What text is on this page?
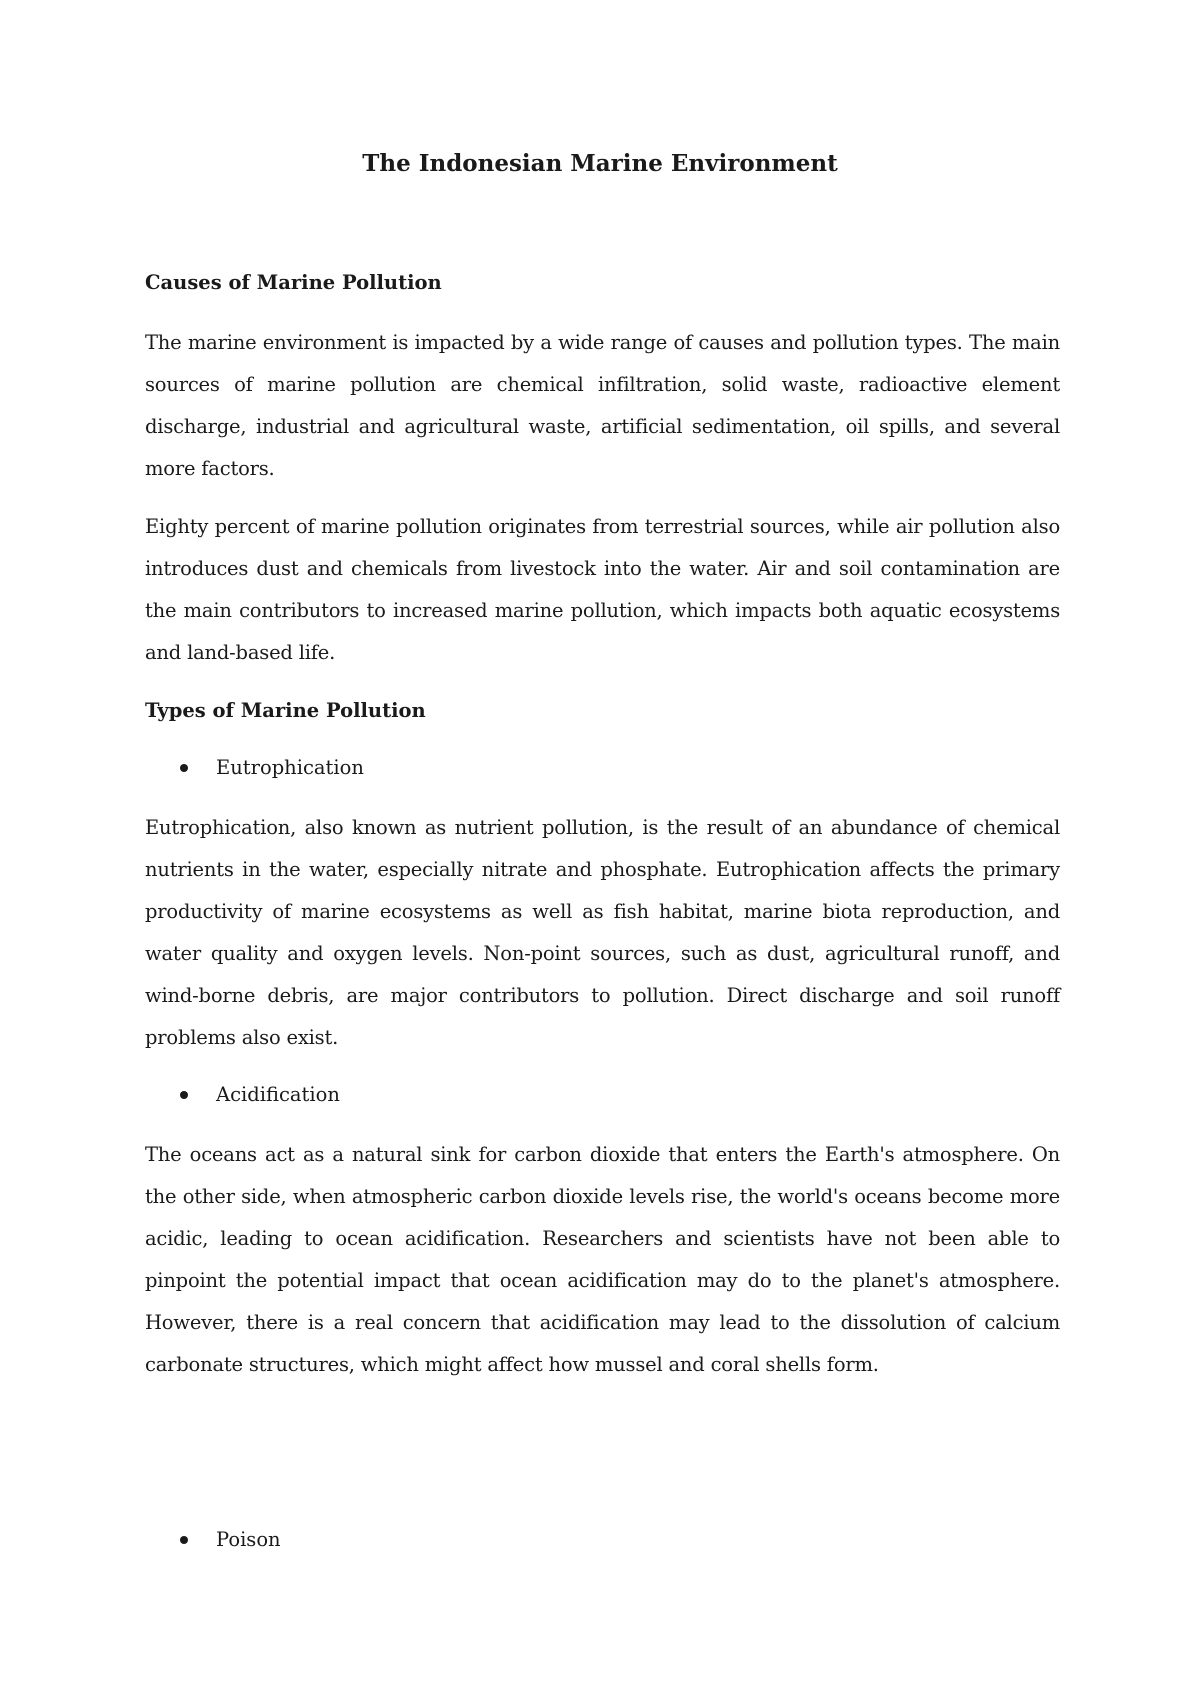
The Indonesian Marine Environment
Causes of Marine Pollution

The marine environment is impacted by a wide range of causes and pollution types. The main sources of marine pollution are chemical infiltration, solid waste, radioactive element discharge, industrial and agricultural waste, artificial sedimentation, oil spills, and several more factors.

Eighty percent of marine pollution originates from terrestrial sources, while air pollution also introduces dust and chemicals from livestock into the water. Air and soil contamination are the main contributors to increased marine pollution, which impacts both aquatic ecosystems and land-based life.

Types of Marine Pollution
Eutrophication

Eutrophication, also known as nutrient pollution, is the result of an abundance of chemical nutrients in the water, especially nitrate and phosphate. Eutrophication affects the primary productivity of marine ecosystems as well as fish habitat, marine biota reproduction, and water quality and oxygen levels. Non-point sources, such as dust, agricultural runoff, and wind-borne debris, are major contributors to pollution. Direct discharge and soil runoff problems also exist.

Acidification

The oceans act as a natural sink for carbon dioxide that enters the Earth's atmosphere. On the other side, when atmospheric carbon dioxide levels rise, the world's oceans become more acidic, leading to ocean acidification. Researchers and scientists have not been able to pinpoint the potential impact that ocean acidification may do to the planet's atmosphere. However, there is a real concern that acidification may lead to the dissolution of calcium carbonate structures, which might affect how mussel and coral shells form.

Poison
